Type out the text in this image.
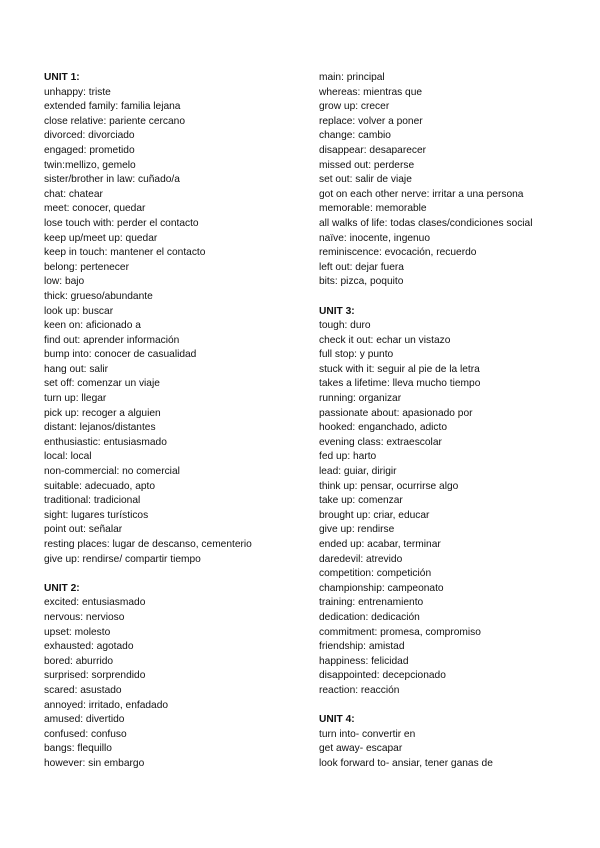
UNIT 1:
unhappy: triste
extended family: familia lejana
close relative: pariente cercano
divorced: divorciado
engaged: prometido
twin:mellizo, gemelo
sister/brother in law: cuñado/a
chat: chatear
meet: conocer, quedar
lose touch with: perder el contacto
keep up/meet up: quedar
keep in touch: mantener el contacto
belong: pertenecer
low: bajo
thick: grueso/abundante
look up: buscar
keen on: aficionado a
find out: aprender información
bump into: conocer de casualidad
hang out: salir
set off: comenzar un viaje
turn up: llegar
pick up: recoger a alguien
distant: lejanos/distantes
enthusiastic: entusiasmado
local: local
non-commercial: no comercial
suitable: adecuado, apto
traditional: tradicional
sight: lugares turísticos
point out: señalar
resting places: lugar de descanso, cementerio
give up: rendirse/ compartir tiempo
UNIT 2:
excited: entusiasmado
nervous: nervioso
upset: molesto
exhausted: agotado
bored: aburrido
surprised: sorprendido
scared: asustado
annoyed: irritado, enfadado
amused: divertido
confused: confuso
bangs: flequillo
however: sin embargo
main: principal
whereas: mientras que
grow up: crecer
replace: volver a poner
change: cambio
disappear: desaparecer
missed out: perderse
set out: salir de viaje
got on each other nerve: irritar a una persona
memorable: memorable
all walks of life: todas clases/condiciones social
naïve: inocente, ingenuo
reminiscence: evocación, recuerdo
left out: dejar fuera
bits: pizca, poquito
UNIT 3:
tough: duro
check it out: echar un vistazo
full stop: y punto
stuck with it: seguir al pie de la letra
takes a lifetime: lleva mucho tiempo
running: organizar
passionate about: apasionado por
hooked: enganchado, adicto
evening class: extraescolar
fed up: harto
lead: guiar, dirigir
think up: pensar, ocurrirse algo
take up: comenzar
brought up: criar, educar
give up: rendirse
ended up: acabar, terminar
daredevil: atrevido
competition: competición
championship: campeonato
training: entrenamiento
dedication: dedicación
commitment: promesa, compromiso
friendship: amistad
happiness: felicidad
disappointed: decepcionado
reaction: reacción
UNIT 4:
turn into- convertir en
get away- escapar
look forward to- ansiar, tener ganas de
